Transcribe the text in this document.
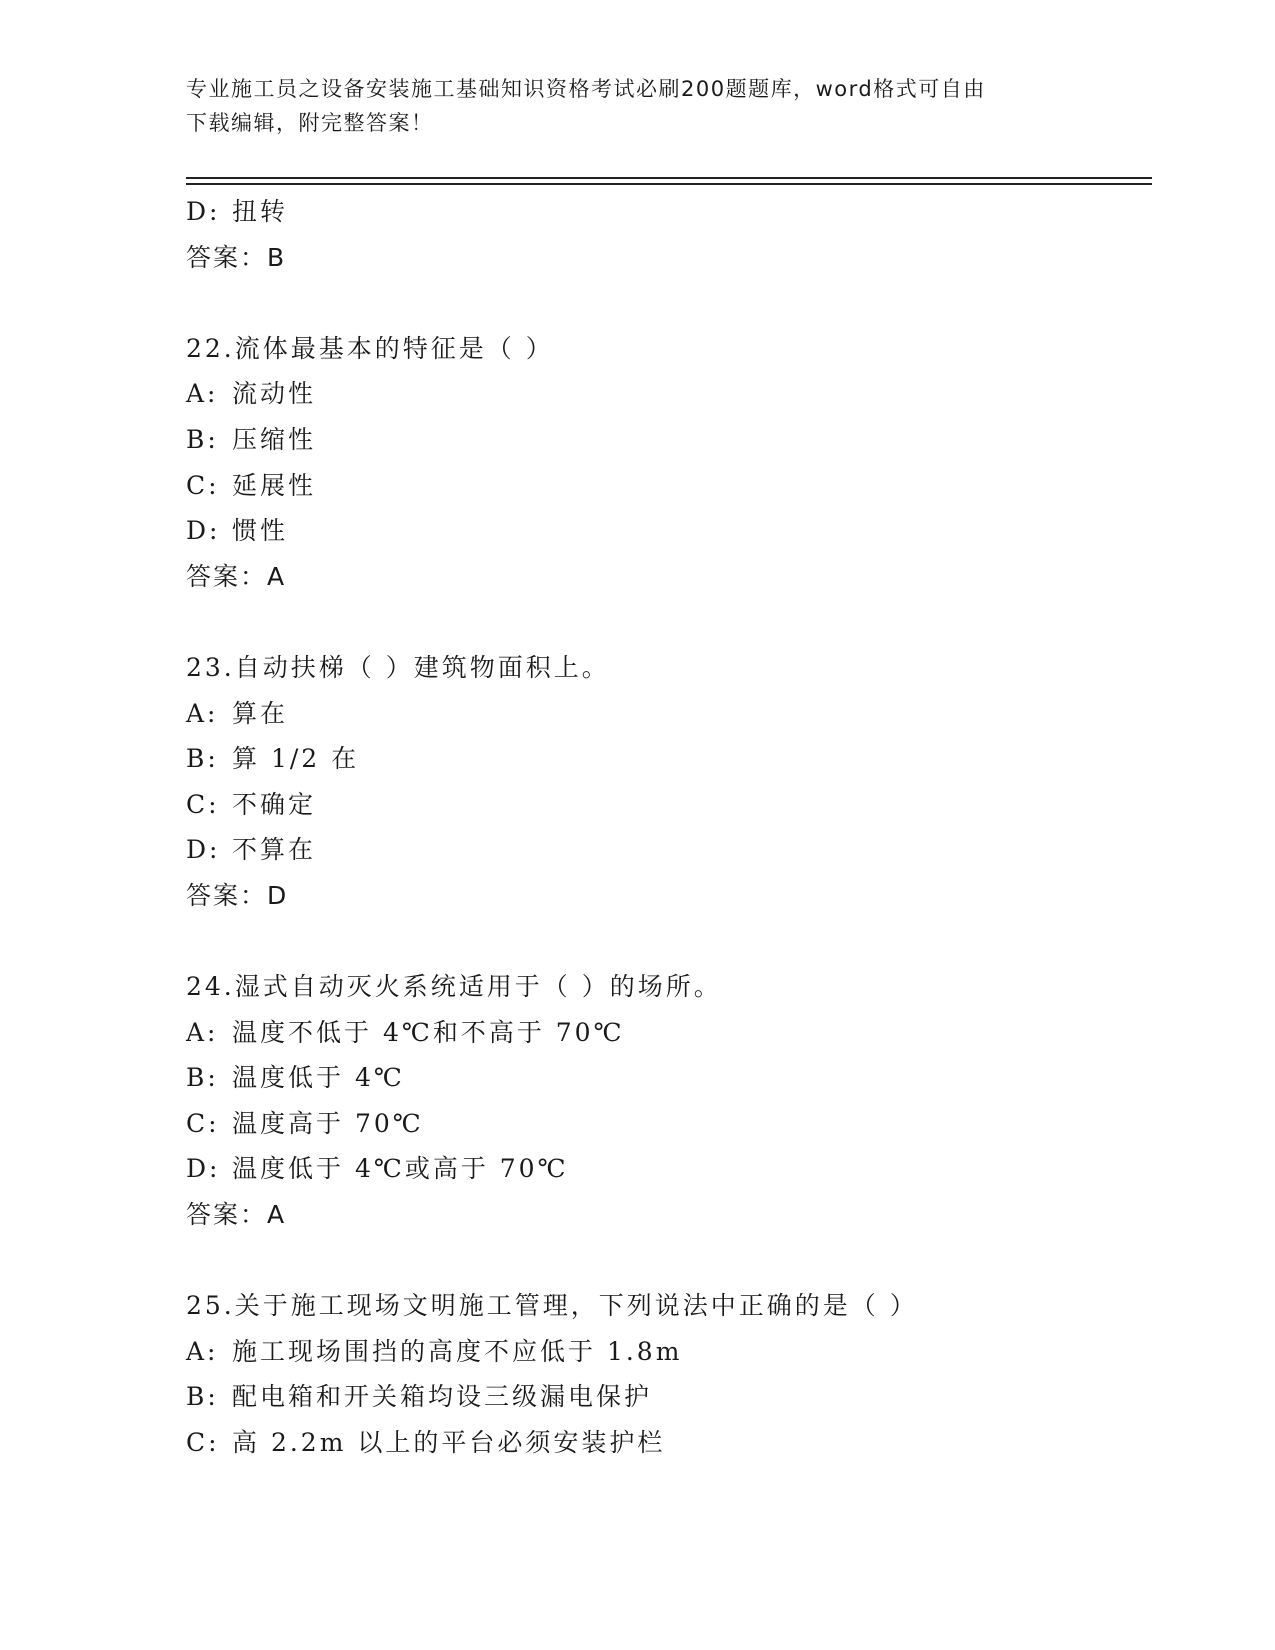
专业施工员之设备安装施工基础知识资格考试必刷200题题库，word格式可自由
下载编辑，附完整答案！
D: 扭转
答案：B
22.流体最基本的特征是（ ）
A: 流动性
B: 压缩性
C: 延展性
D: 惯性
答案：A
23.自动扶梯（ ）建筑物面积上。
A: 算在
B: 算 1/2 在
C: 不确定
D: 不算在
答案：D
24.湿式自动灭火系统适用于（ ）的场所。
A: 温度不低于 4℃和不高于 70℃
B: 温度低于 4℃
C: 温度高于 70℃
D: 温度低于 4℃或高于 70℃
答案：A
25.关于施工现场文明施工管理，下列说法中正确的是（ ）
A: 施工现场围挡的高度不应低于 1.8m
B: 配电箱和开关箱均设三级漏电保护
C: 高 2.2m 以上的平台必须安装护栏
